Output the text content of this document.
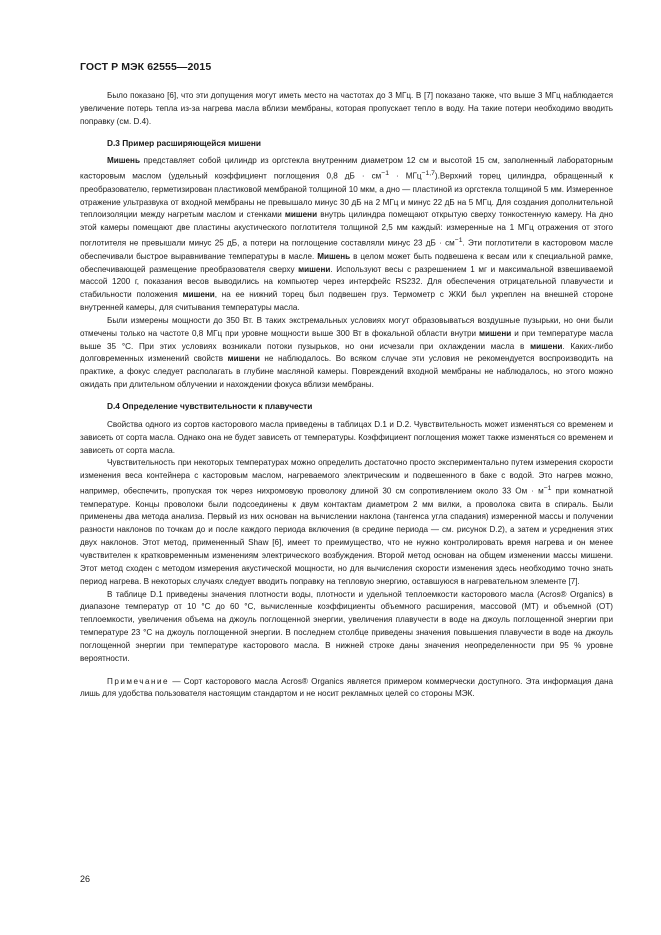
ГОСТ Р МЭК 62555—2015

Было показано [6], что эти допущения могут иметь место на частотах до 3 МГц. В [7] показано также, что выше 3 МГц наблюдается увеличение потерь тепла из-за нагрева масла вблизи мембраны, которая пропускает тепло в воду. На такие потери необходимо вводить поправку (см. D.4).

D.3 Пример расширяющейся мишени

Мишень представляет собой цилиндр из оргстекла внутренним диаметром 12 см и высотой 15 см, заполненный лабораторным касторовым маслом (удельный коэффициент поглощения 0,8 дБ · $см^{-1}$ · МГц$^{-1,7}$).Верхний торец цилиндра, обращенный к преобразователю, герметизирован пластиковой мембраной толщиной 10 мкм, а дно — пластиной из оргстекла толщиной 5 мм. Измеренное отражение ультразвука от входной мембраны не превышало минус 30 дБ на 2 МГц и минус 22 дБ на 5 МГц. Для создания дополнительной теплоизоляции между нагретым маслом и стенками мишени внутрь цилиндра помещают открытую сверху тонкостенную камеру. На дно этой камеры помещают две пластины акустического поглотителя толщиной 2,5 мм каждый: измеренные на 1 МГц отражения от этого поглотителя не превышали минус 25 дБ, а потери на поглощение составляли минус 23 дБ · $см^{-1}$. Эти поглотители в касторовом масле обеспечивали быстрое выравнивание температуры в масле. Мишень в целом может быть подвешена к весам или к специальной рамке, обеспечивающей размещение преобразователя сверху мишени. Используют весы с разрешением 1 мг и максимальной взвешиваемой массой 1200 г, показания весов выводились на компьютер через интерфейс RS232. Для обеспечения отрицательной плавучести и стабильности положения мишени, на ее нижний торец был подвешен груз. Термометр с ЖКИ был укреплен на внешней стороне внутренней камеры, для считывания температуры масла.

Были измерены мощности до 350 Вт. В таких экстремальных условиях могут образовываться воздушные пузырьки, но они были отмечены только на частоте 0,8 МГц при уровне мощности выше 300 Вт в фокальной области внутри мишени и при температуре масла выше 35 °С. При этих условиях возникали потоки пузырьков, но они исчезали при охлаждении масла в мишени. Каких-либо долговременных изменений свойств мишени не наблюдалось. Во всяком случае эти условия не рекомендуется воспроизводить на практике, а фокус следует располагать в глубине масляной камеры. Повреждений входной мембраны не наблюдалось, но этого можно ожидать при длительном облучении и нахождении фокуса вблизи мембраны.

D.4 Определение чувствительности к плавучести

Свойства одного из сортов касторового масла приведены в таблицах D.1 и D.2. Чувствительность может изменяться со временем и зависеть от сорта масла. Однако она не будет зависеть от температуры. Коэффициент поглощения может также изменяться со временем и зависеть от сорта масла.

Чувствительность при некоторых температурах можно определить достаточно просто экспериментально путем измерения скорости изменения веса контейнера с касторовым маслом, нагреваемого электрическим и подвешенного в баке с водой. Это нагрев можно, например, обеспечить, пропуская ток через нихромовую проволоку длиной 30 см сопротивлением около 33 Ом · $м^{-1}$ при комнатной температуре. Концы проволоки были подсоединены к двум контактам диаметром 2 мм вилки, а проволока свита в спираль. Были применены два метода анализа. Первый из них основан на вычислении наклона (тангенса угла спадания) измеренной массы и получении разности наклонов по точкам до и после каждого периода включения (в средине периода — см. рисунок D.2), а затем и усреднения этих двух наклонов. Этот метод, примененный Shaw [6], имеет то преимущество, что не нужно контролировать время нагрева и он менее чувствителен к кратковременным изменениям электрического возбуждения. Второй метод основан на общем изменении массы мишени. Этот метод сходен с методом измерения акустической мощности, но для вычисления скорости изменения здесь необходимо точно знать период нагрева. В некоторых случаях следует вводить поправку на тепловую энергию, оставшуюся в нагревательном элементе [7].

В таблице D.1 приведены значения плотности воды, плотности и удельной теплоемкости касторового масла (Acros® Organics) в диапазоне температур от 10 °С до 60 °С, вычисленные коэффициенты объемного расширения, массовой (МТ) и объемной (ОТ) теплоемкости, увеличения объема на джоуль поглощенной энергии, увеличения плавучести в воде на джоуль поглощенной энергии при температуре 23 °С на джоуль поглощенной энергии. В последнем столбце приведены значения повышения плавучести в воде на джоуль поглощенной энергии при температуре касторового масла. В нижней строке даны значения неопределенности при 95 % уровне вероятности.

Примечание — Сорт касторового масла Acros® Organics является примером коммерчески доступного. Эта информация дана лишь для удобства пользователя настоящим стандартом и не носит рекламных целей со стороны МЭК.

26
